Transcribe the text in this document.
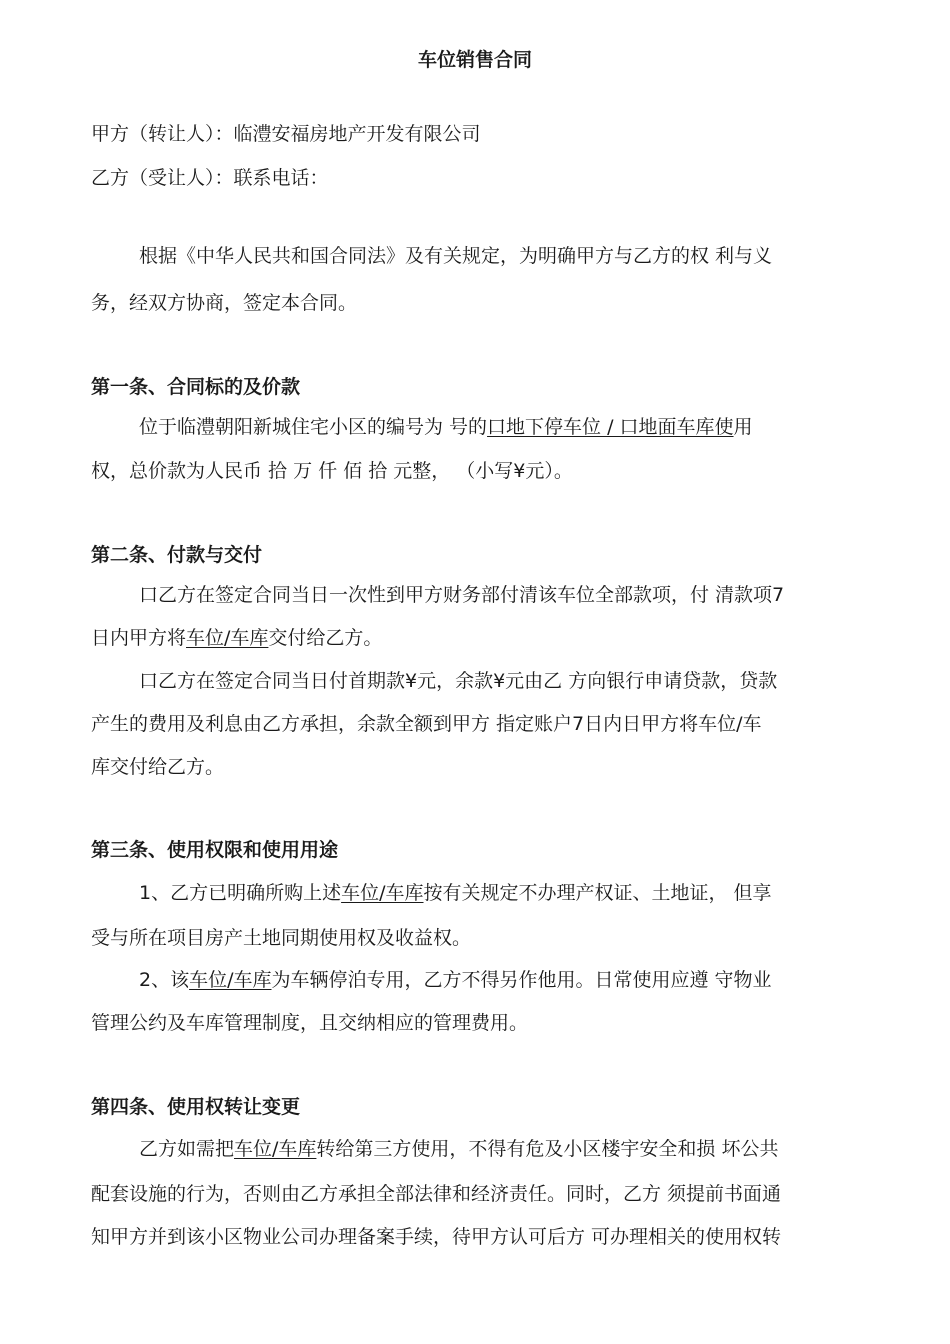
车位销售合同
甲方（转让人）：临澧安福房地产开发有限公司
乙方（受让人）：联系电话：
根据《中华人民共和国合同法》及有关规定，为明确甲方与乙方的权 利与义
务，经双方协商，签定本合同。
第一条、合同标的及价款
位于临澧朝阳新城住宅小区的编号为 号的口地下停车位 / 口地面车库使用
权，总价款为人民币 拾 万 仟 佰 拾 元整， （小写¥元）。
第二条、付款与交付
口乙方在签定合同当日一次性到甲方财务部付清该车位全部款项，付 清款项7
日内甲方将车位/车库交付给乙方。
口乙方在签定合同当日付首期款¥元，余款¥元由乙 方向银行申请贷款，贷款
产生的费用及利息由乙方承担，余款全额到甲方 指定账户7日内日甲方将车位/车
库交付给乙方。
第三条、使用权限和使用用途
1、乙方已明确所购上述车位/车库按有关规定不办理产权证、土地证， 但享
受与所在项目房产土地同期使用权及收益权。
2、该车位/车库为车辆停泊专用，乙方不得另作他用。日常使用应遵 守物业
管理公约及车库管理制度，且交纳相应的管理费用。
第四条、使用权转让变更
乙方如需把车位/车库转给第三方使用，不得有危及小区楼宇安全和损 坏公共
配套设施的行为，否则由乙方承担全部法律和经济责任。同时，乙方 须提前书面通
知甲方并到该小区物业公司办理备案手续，待甲方认可后方 可办理相关的使用权转
